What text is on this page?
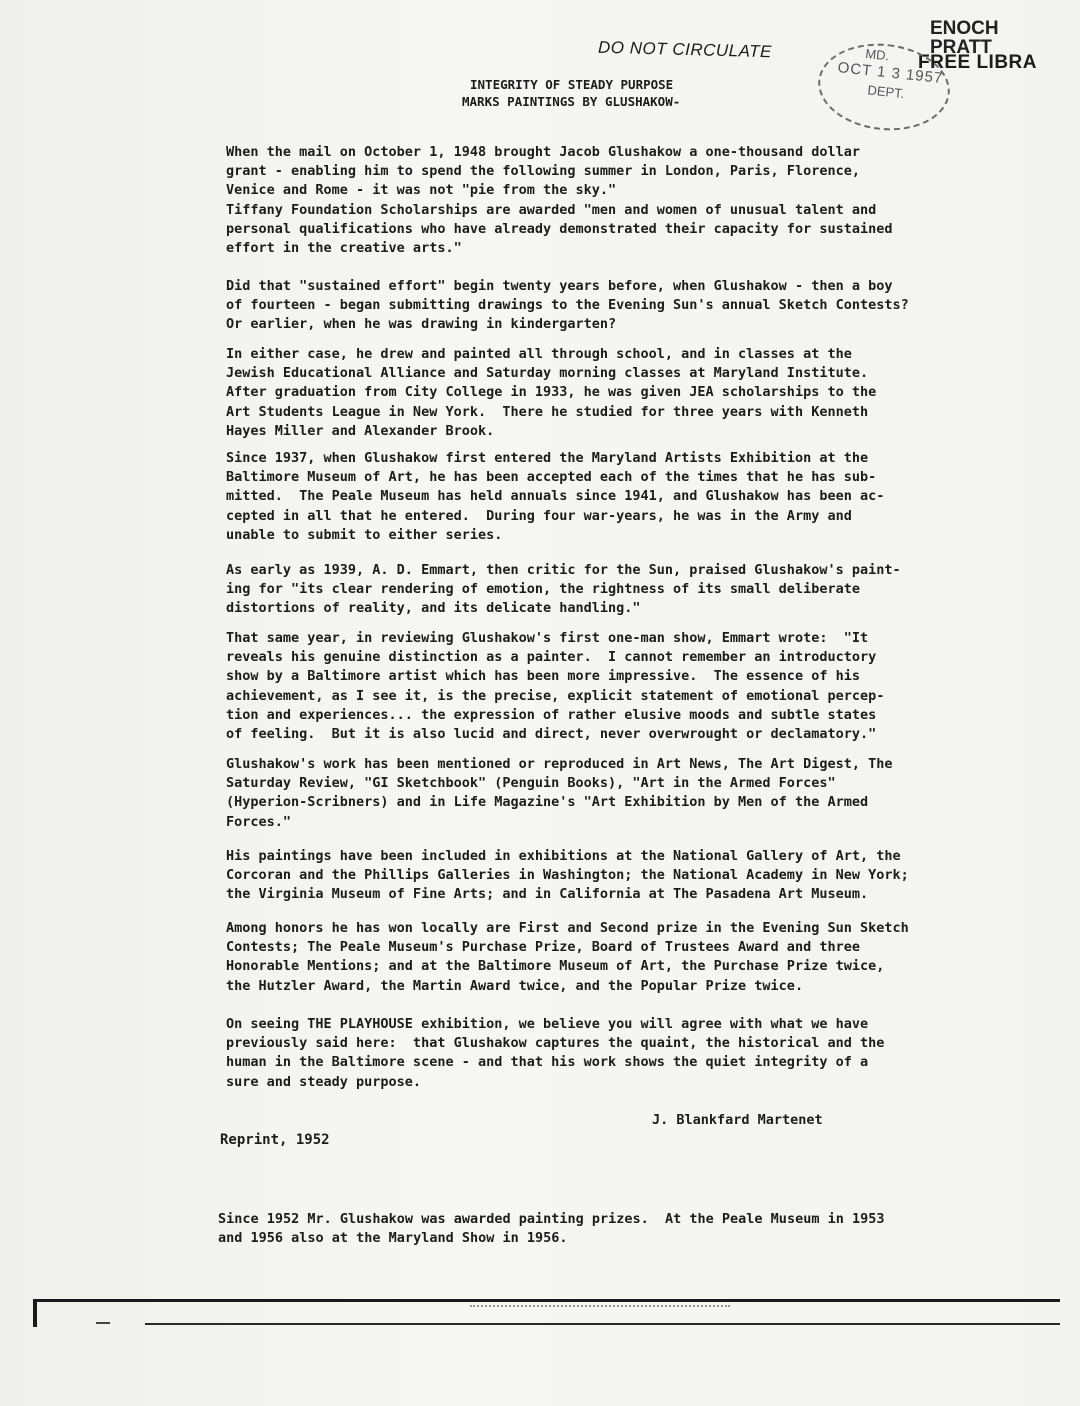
DO NOT CIRCULATE
ENOCH PRATT
FREE LIBRA
MD.
OCT 1 3 1957
DEPT.
INTEGRITY OF STEADY PURPOSE
MARKS PAINTINGS BY GLUSHAKOW-

When the mail on October 1, 1948 brought Jacob Glushakow a one-thousand dollar
grant - enabling him to spend the following summer in London, Paris, Florence,
Venice and Rome - it was not "pie from the sky."

Tiffany Foundation Scholarships are awarded "men and women of unusual talent and
personal qualifications who have already demonstrated their capacity for sustained
effort in the creative arts."

Did that "sustained effort" begin twenty years before, when Glushakow - then a boy
of fourteen - began submitting drawings to the Evening Sun's annual Sketch Contests?
Or earlier, when he was drawing in kindergarten?

In either case, he drew and painted all through school, and in classes at the
Jewish Educational Alliance and Saturday morning classes at Maryland Institute.
After graduation from City College in 1933, he was given JEA scholarships to the
Art Students League in New York.  There he studied for three years with Kenneth
Hayes Miller and Alexander Brook.

Since 1937, when Glushakow first entered the Maryland Artists Exhibition at the
Baltimore Museum of Art, he has been accepted each of the times that he has sub-
mitted.  The Peale Museum has held annuals since 1941, and Glushakow has been ac-
cepted in all that he entered.  During four war-years, he was in the Army and
unable to submit to either series.

As early as 1939, A. D. Emmart, then critic for the Sun, praised Glushakow's paint-
ing for "its clear rendering of emotion, the rightness of its small deliberate
distortions of reality, and its delicate handling."

That same year, in reviewing Glushakow's first one-man show, Emmart wrote:  "It
reveals his genuine distinction as a painter.  I cannot remember an introductory
show by a Baltimore artist which has been more impressive.  The essence of his
achievement, as I see it, is the precise, explicit statement of emotional percep-
tion and experiences... the expression of rather elusive moods and subtle states
of feeling.  But it is also lucid and direct, never overwrought or declamatory."

Glushakow's work has been mentioned or reproduced in Art News, The Art Digest, The
Saturday Review, "GI Sketchbook" (Penguin Books), "Art in the Armed Forces"
(Hyperion-Scribners) and in Life Magazine's "Art Exhibition by Men of the Armed
Forces."

His paintings have been included in exhibitions at the National Gallery of Art, the
Corcoran and the Phillips Galleries in Washington; the National Academy in New York;
the Virginia Museum of Fine Arts; and in California at The Pasadena Art Museum.

Among honors he has won locally are First and Second prize in the Evening Sun Sketch
Contests; The Peale Museum's Purchase Prize, Board of Trustees Award and three
Honorable Mentions; and at the Baltimore Museum of Art, the Purchase Prize twice,
the Hutzler Award, the Martin Award twice, and the Popular Prize twice.

On seeing THE PLAYHOUSE exhibition, we believe you will agree with what we have
previously said here:  that Glushakow captures the quaint, the historical and the
human in the Baltimore scene - and that his work shows the quiet integrity of a
sure and steady purpose.

J. Blankfard Martenet
Reprint, 1952

Since 1952 Mr. Glushakow was awarded painting prizes.  At the Peale Museum in 1953
and 1956 also at the Maryland Show in 1956.
